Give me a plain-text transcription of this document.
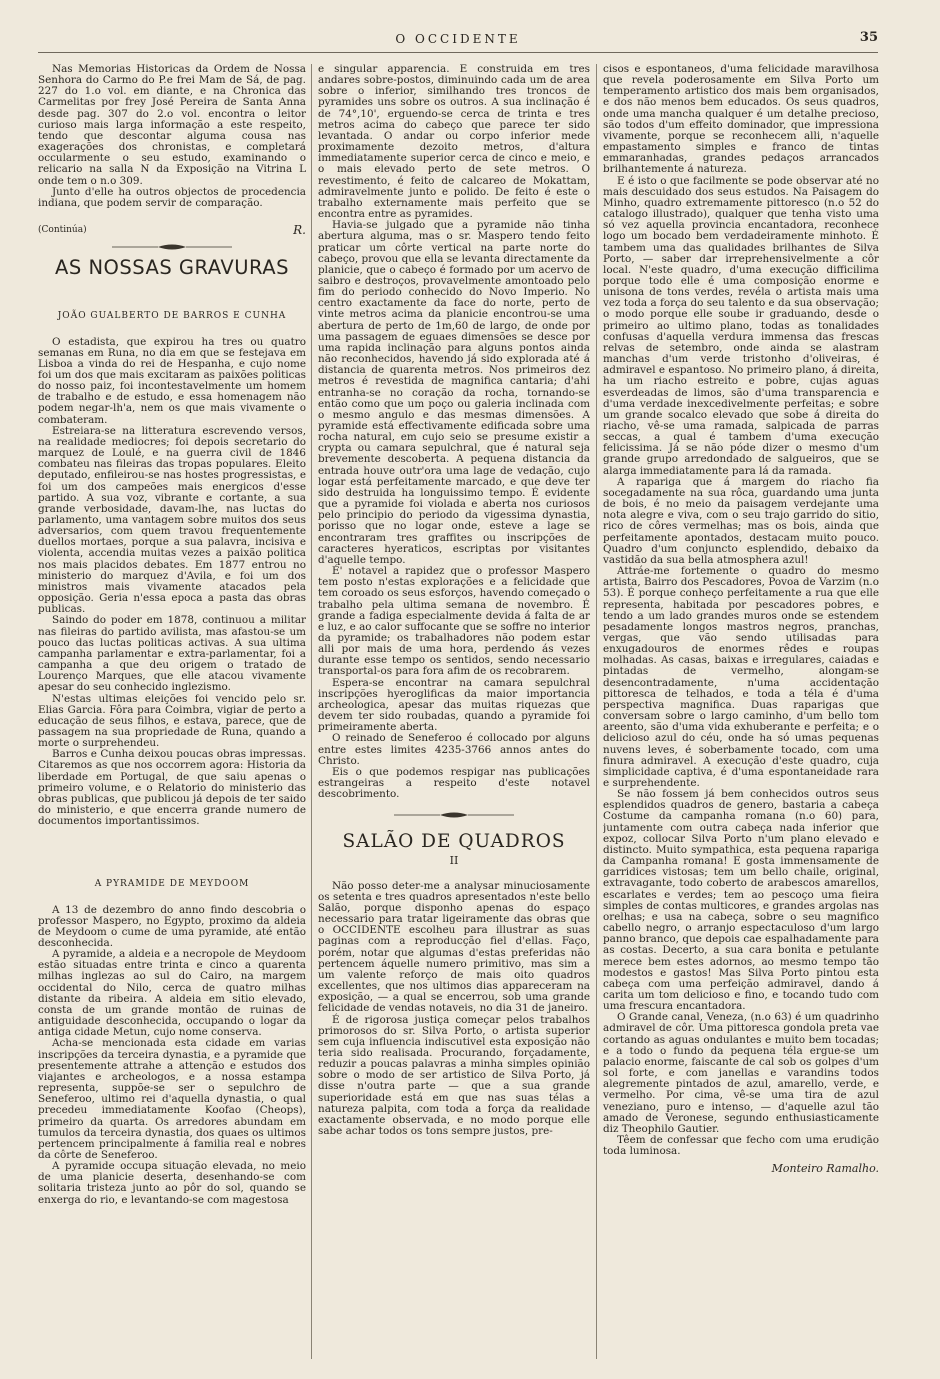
O OCCIDENTE	35

Nas Memorias Historicas da Ordem de Nossa Senhora do Carmo do P.e frei Mam de Sá, de pag. 227 do 1.o vol. em diante, e na Chronica das Carmelitas por frey José Pereira de Santa Anna desde pag. 307 do 2.o vol. encontra o leitor curioso mais larga informação a este respeito, tendo que descontar alguma cousa nas exagerações dos chronistas, e completará occularmente o seu estudo, examinando o relicario na salla N da Exposição na Vitrina L onde tem o n.o 309.

Junto d'elle ha outros objectos de procedencia indiana, que podem servir de comparação.

(Continúa)	R.
AS NOSSAS GRAVURAS
JOÃO GUALBERTO DE BARROS E CUNHA

O estadista, que expirou ha tres ou quatro semanas em Runa, no dia em que se festejava em Lisboa a vinda do rei de Hespanha, e cujo nome foi um dos que mais excitaram as paixões politicas do nosso paiz, foi incontestavelmente um homem de trabalho e de estudo, e essa homenagem não podem negar-lh'a, nem os que mais vivamente o combateram.

Estreiara-se na litteratura escrevendo versos, na realidade mediocres; foi depois secretario do marquez de Loulé, e na guerra civil de 1846 combateu nas fileiras das tropas populares. Eleito deputado, enfileirou-se nas hostes progressistas, e foi um dos campeões mais energicos d'esse partido. A sua voz, vibrante e cortante, a sua grande verbosidade, davam-lhe, nas luctas do parlamento, uma vantagem sobre muitos dos seus adversarios, com quem travou frequentemente duellos mortaes, porque a sua palavra, incisiva e violenta, accendia muitas vezes a paixão politica nos mais placidos debates. Em 1877 entrou no ministerio do marquez d'Avila, e foi um dos ministros mais vivamente atacados pela opposição. Geria n'essa epoca a pasta das obras publicas.

Saindo do poder em 1878, continuou a militar nas fileiras do partido avilista, mas afastou-se um pouco das luctas politicas activas. A sua ultima campanha parlamentar e extra-parlamentar, foi a campanha a que deu origem o tratado de Lourenço Marques, que elle atacou vivamente apesar do seu conhecido inglezismo.

N'estas ultimas eleições foi vencido pelo sr. Elias Garcia. Fôra para Coimbra, vigiar de perto a educação de seus filhos, e estava, parece, que de passagem na sua propriedade de Runa, quando a morte o surprehendeu.

Barros e Cunha deixou poucas obras impressas. Citaremos as que nos occorrem agora: Historia da liberdade em Portugal, de que saiu apenas o primeiro volume, e o Relatorio do ministerio das obras publicas, que publicou já depois de ter saido do ministerio, e que encerra grande numero de documentos importantissimos.

A PYRAMIDE DE MEYDOOM

A 13 de dezembro do anno findo descobria o professor Maspero, no Egypto, proximo da aldeia de Meydoom o cume de uma pyramide, até então desconhecida.

A pyramide, a aldeia e a necropole de Meydoom estão situadas entre trinta e cinco a quarenta milhas inglezas ao sul do Cairo, na margem occidental do Nilo, cerca de quatro milhas distante da ribeira. A aldeia em sitio elevado, consta de um grande montão de ruinas de antiguidade desconhecida, occupando o logar da antiga cidade Metun, cujo nome conserva.

Acha-se mencionada esta cidade em varias inscripções da terceira dynastia, e a pyramide que presentemente attrahe a attenção e estudos dos viajantes e archeologos, e a nossa estampa representa, suppõe-se ser o sepulchro de Seneferoo, ultimo rei d'aquella dynastia, o qual precedeu immediatamente Koofao (Cheops), primeiro da quarta. Os arredores abundam em tumulos da terceira dynastia, dos quaes os ultimos pertencem principalmente á familia real e nobres da côrte de Seneferoo.

A pyramide occupa situação elevada, no meio de uma planicie deserta, desenhando-se com solitaria tristeza junto ao pôr do sol, quando se enxerga do rio, e levantando-se com magestosa

e singular apparencia. É construida em tres andares sobre-postos, diminuindo cada um de area sobre o inferior, similhando tres troncos de pyramides uns sobre os outros. A sua inclinação é de 74°,10', erguendo-se cerca de trinta e tres metros acima do cabeço que parece ter sido levantada. O andar ou corpo inferior mede proximamente dezoito metros, d'altura immediatamente superior cerca de cinco e meio, e o mais elevado perto de sete metros. O revestimento, é feito de calcareo de Mokattam, admiravelmente junto e polido. De feito é este o trabalho externamente mais perfeito que se encontra entre as pyramides.

Havia-se julgado que a pyramide não tinha abertura alguma, mas o sr. Maspero tendo feito praticar um côrte vertical na parte norte do cabeço, provou que ella se levanta directamente da planicie, que o cabeço é formado por um acervo de saibro e destroços, provavelmente amontoado pelo fim do periodo conhecido do Novo Imperio. No centro exactamente da face do norte, perto de vinte metros acima da planicie encontrou-se uma abertura de perto de 1m,60 de largo, de onde por uma passagem de eguaes dimensões se desce por uma rapida inclinação para alguns pontos ainda não reconhecidos, havendo já sido explorada até á distancia de quarenta metros. Nos primeiros dez metros é revestida de magnifica cantaria; d'ahi entranha-se no coração da rocha, tornando-se então como que um poço ou galeria inclinada com o mesmo angulo e das mesmas dimensões. A pyramide está effectivamente edificada sobre uma rocha natural, em cujo seio se presume existir a crypta ou camara sepulchral, que é natural seja brevemente descoberta. A pequena distancia da entrada houve outr'ora uma lage de vedação, cujo logar está perfeitamente marcado, e que deve ter sido destruida ha longuissimo tempo. É evidente que a pyramide foi violada e aberta nos curiosos pelo principio do periodo da vigessima dynastia, porisso que no logar onde, esteve a lage se encontraram tres graffites ou inscripções de caracteres hyeraticos, escriptas por visitantes d'aquelle tempo.

É' notavel a rapidez que o professor Maspero tem posto n'estas explorações e a felicidade que tem coroado os seus esforços, havendo começado o trabalho pela ultima semana de novembro. É grande a fadiga especialmente devida á falta de ar e luz, e ao calor suffocante que se soffre no interior da pyramide; os trabalhadores não podem estar alli por mais de uma hora, perdendo ás vezes durante esse tempo os sentidos, sendo necessario transportal-os para fora afim de os recobrarem.

Espera-se encontrar na camara sepulchral inscripções hyeroglificas da maior importancia archeologica, apesar das muitas riquezas que devem ter sido roubadas, quando a pyramide foi primeiramente aberta.

O reinado de Seneferoo é collocado por alguns entre estes limites 4235-3766 annos antes do Christo.

Eis o que podemos respigar nas publicações estrangeiras a respeito d'este notavel descobrimento.

SALÃO DE QUADROS
II

Não posso deter-me a analysar minuciosamente os setenta e tres quadros apresentados n'este bello Salão, porque disponho apenas do espaço necessario para tratar ligeiramente das obras que o OCCIDENTE escolheu para illustrar as suas paginas com a reproducção fiel d'ellas. Faço, porém, notar que algumas d'estas preferidas não pertencem áquelle numero primitivo, mas sim a um valente reforço de mais oito quadros excellentes, que nos ultimos dias appareceram na exposição, — a qual se encerrou, sob uma grande felicidade de vendas notaveis, no dia 31 de janeiro.

É de rigorosa justiça começar pelos trabalhos primorosos do sr. Silva Porto, o artista superior sem cuja influencia indiscutivel esta exposição não teria sido realisada. Procurando, forçadamente, reduzir a poucas palavras a minha simples opinião sobre o modo de ser artistico de Silva Porto, já disse n'outra parte — que a sua grande superioridade está em que nas suas télas a natureza palpita, com toda a força da realidade exactamente observada, e no modo porque elle sabe achar todos os tons sempre justos, pre-

cisos e espontaneos, d'uma felicidade maravilhosa que revela poderosamente em Silva Porto um temperamento artistico dos mais bem organisados, e dos não menos bem educados. Os seus quadros, onde uma mancha qualquer é um detalhe precioso, são todos d'um effeito dominador, que impressiona vivamente, porque se reconhecem alli, n'aquelle empastamento simples e franco de tintas emmaranhadas, grandes pedaços arrancados brilhantemente á natureza.

E é isto o que facilmente se pode observar até no mais descuidado dos seus estudos. Na Paisagem do Minho, quadro extremamente pittoresco (n.o 52 do catalogo illustrado), qualquer que tenha visto uma só vez aquella provincia encantadora, reconhece logo um bocado bem verdadeiramente minhoto. É tambem uma das qualidades brilhantes de Silva Porto, — saber dar irreprehensivelmente a côr local. N'este quadro, d'uma execução difficilima porque todo elle é uma composição enorme e unisona de tons verdes, revéla o artista mais uma vez toda a força do seu talento e da sua observação; o modo porque elle soube ir graduando, desde o primeiro ao ultimo plano, todas as tonalidades confusas d'aquella verdura immensa das frescas relvas de setembro, onde ainda se alastram manchas d'um verde tristonho d'oliveiras, é admiravel e espantoso. No primeiro plano, á direita, ha um riacho estreito e pobre, cujas aguas esverdeadas de limos, são d'uma transparencia e d'uma verdade inexcedivelmente perfeitas; e sobre um grande socalco elevado que sobe á direita do riacho, vê-se uma ramada, salpicada de parras seccas, a qual é tambem d'uma execução felicissima. Já se não póde dizer o mesmo d'um grande grupo arredondado de salgueiros, que se alarga immediatamente para lá da ramada.

A rapariga que á margem do riacho fia socegadamente na sua rôca, guardando uma junta de bois, é no meio da paisagem verdejante uma nota alegre e viva, com o seu trajo garrido do sitio, rico de côres vermelhas; mas os bois, ainda que perfeitamente apontados, destacam muito pouco. Quadro d'um conjuncto esplendido, debaixo da vastidão da sua bella atmosphera azul!

Attráe-me fortemente o quadro do mesmo artista, Bairro dos Pescadores, Povoa de Varzim (n.o 53). É porque conheço perfeitamente a rua que elle representa, habitada por pescadores pobres, e tendo a um lado grandes muros onde se estendem pesadamente longos mastros negros, pranchas, vergas, que vão sendo utilisadas para enxugadouros de enormes rêdes e roupas molhadas. As casas, baixas e irregulares, caiadas e pintadas de vermelho, alongam-se desencontradamente, n'uma accidentação pittoresca de telhados, e toda a téla é d'uma perspectiva magnifica. Duas raparigas que conversam sobre o largo caminho, d'um bello tom areento, são d'uma vida exhuberante e perfeita; e o delicioso azul do céu, onde ha só umas pequenas nuvens leves, é soberbamente tocado, com uma finura admiravel. A execução d'este quadro, cuja simplicidade captiva, é d'uma espontaneidade rara e surprehendente.

Se não fossem já bem conhecidos outros seus esplendidos quadros de genero, bastaria a cabeça Costume da campanha romana (n.o 60) para, juntamente com outra cabeça nada inferior que expoz, collocar Silva Porto n'um plano elevado e distincto. Muito sympathica, esta pequena rapariga da Campanha romana! E gosta immensamente de garridices vistosas; tem um bello chaile, original, extravagante, todo coberto de arabescos amarellos, escarlates e verdes; tem ao pescoço uma fieira simples de contas multicores, e grandes argolas nas orelhas; e usa na cabeça, sobre o seu magnifico cabello negro, o arranjo espectaculoso d'um largo panno branco, que depois cae espalhadamente para as costas. Decerto, a sua cara bonita e petulante merece bem estes adornos, ao mesmo tempo tão modestos e gastos! Mas Silva Porto pintou esta cabeça com uma perfeição admiravel, dando á carita um tom delicioso e fino, e tocando tudo com uma frescura encantadora.

O Grande canal, Veneza, (n.o 63) é um quadrinho admiravel de côr. Uma pittoresca gondola preta vae cortando as aguas ondulantes e muito bem tocadas; e a todo o fundo da pequena téla ergue-se um palacio enorme, faiscante de cal sob os golpes d'um sol forte, e com janellas e varandins todos alegremente pintados de azul, amarello, verde, e vermelho. Por cima, vê-se uma tira de azul veneziano, puro e intenso, — d'aquelle azul tão amado de Veronese, segundo enthusiasticamente diz Theophilo Gautier.

Têem de confessar que fecho com uma erudição toda luminosa.

Monteiro Ramalho.
